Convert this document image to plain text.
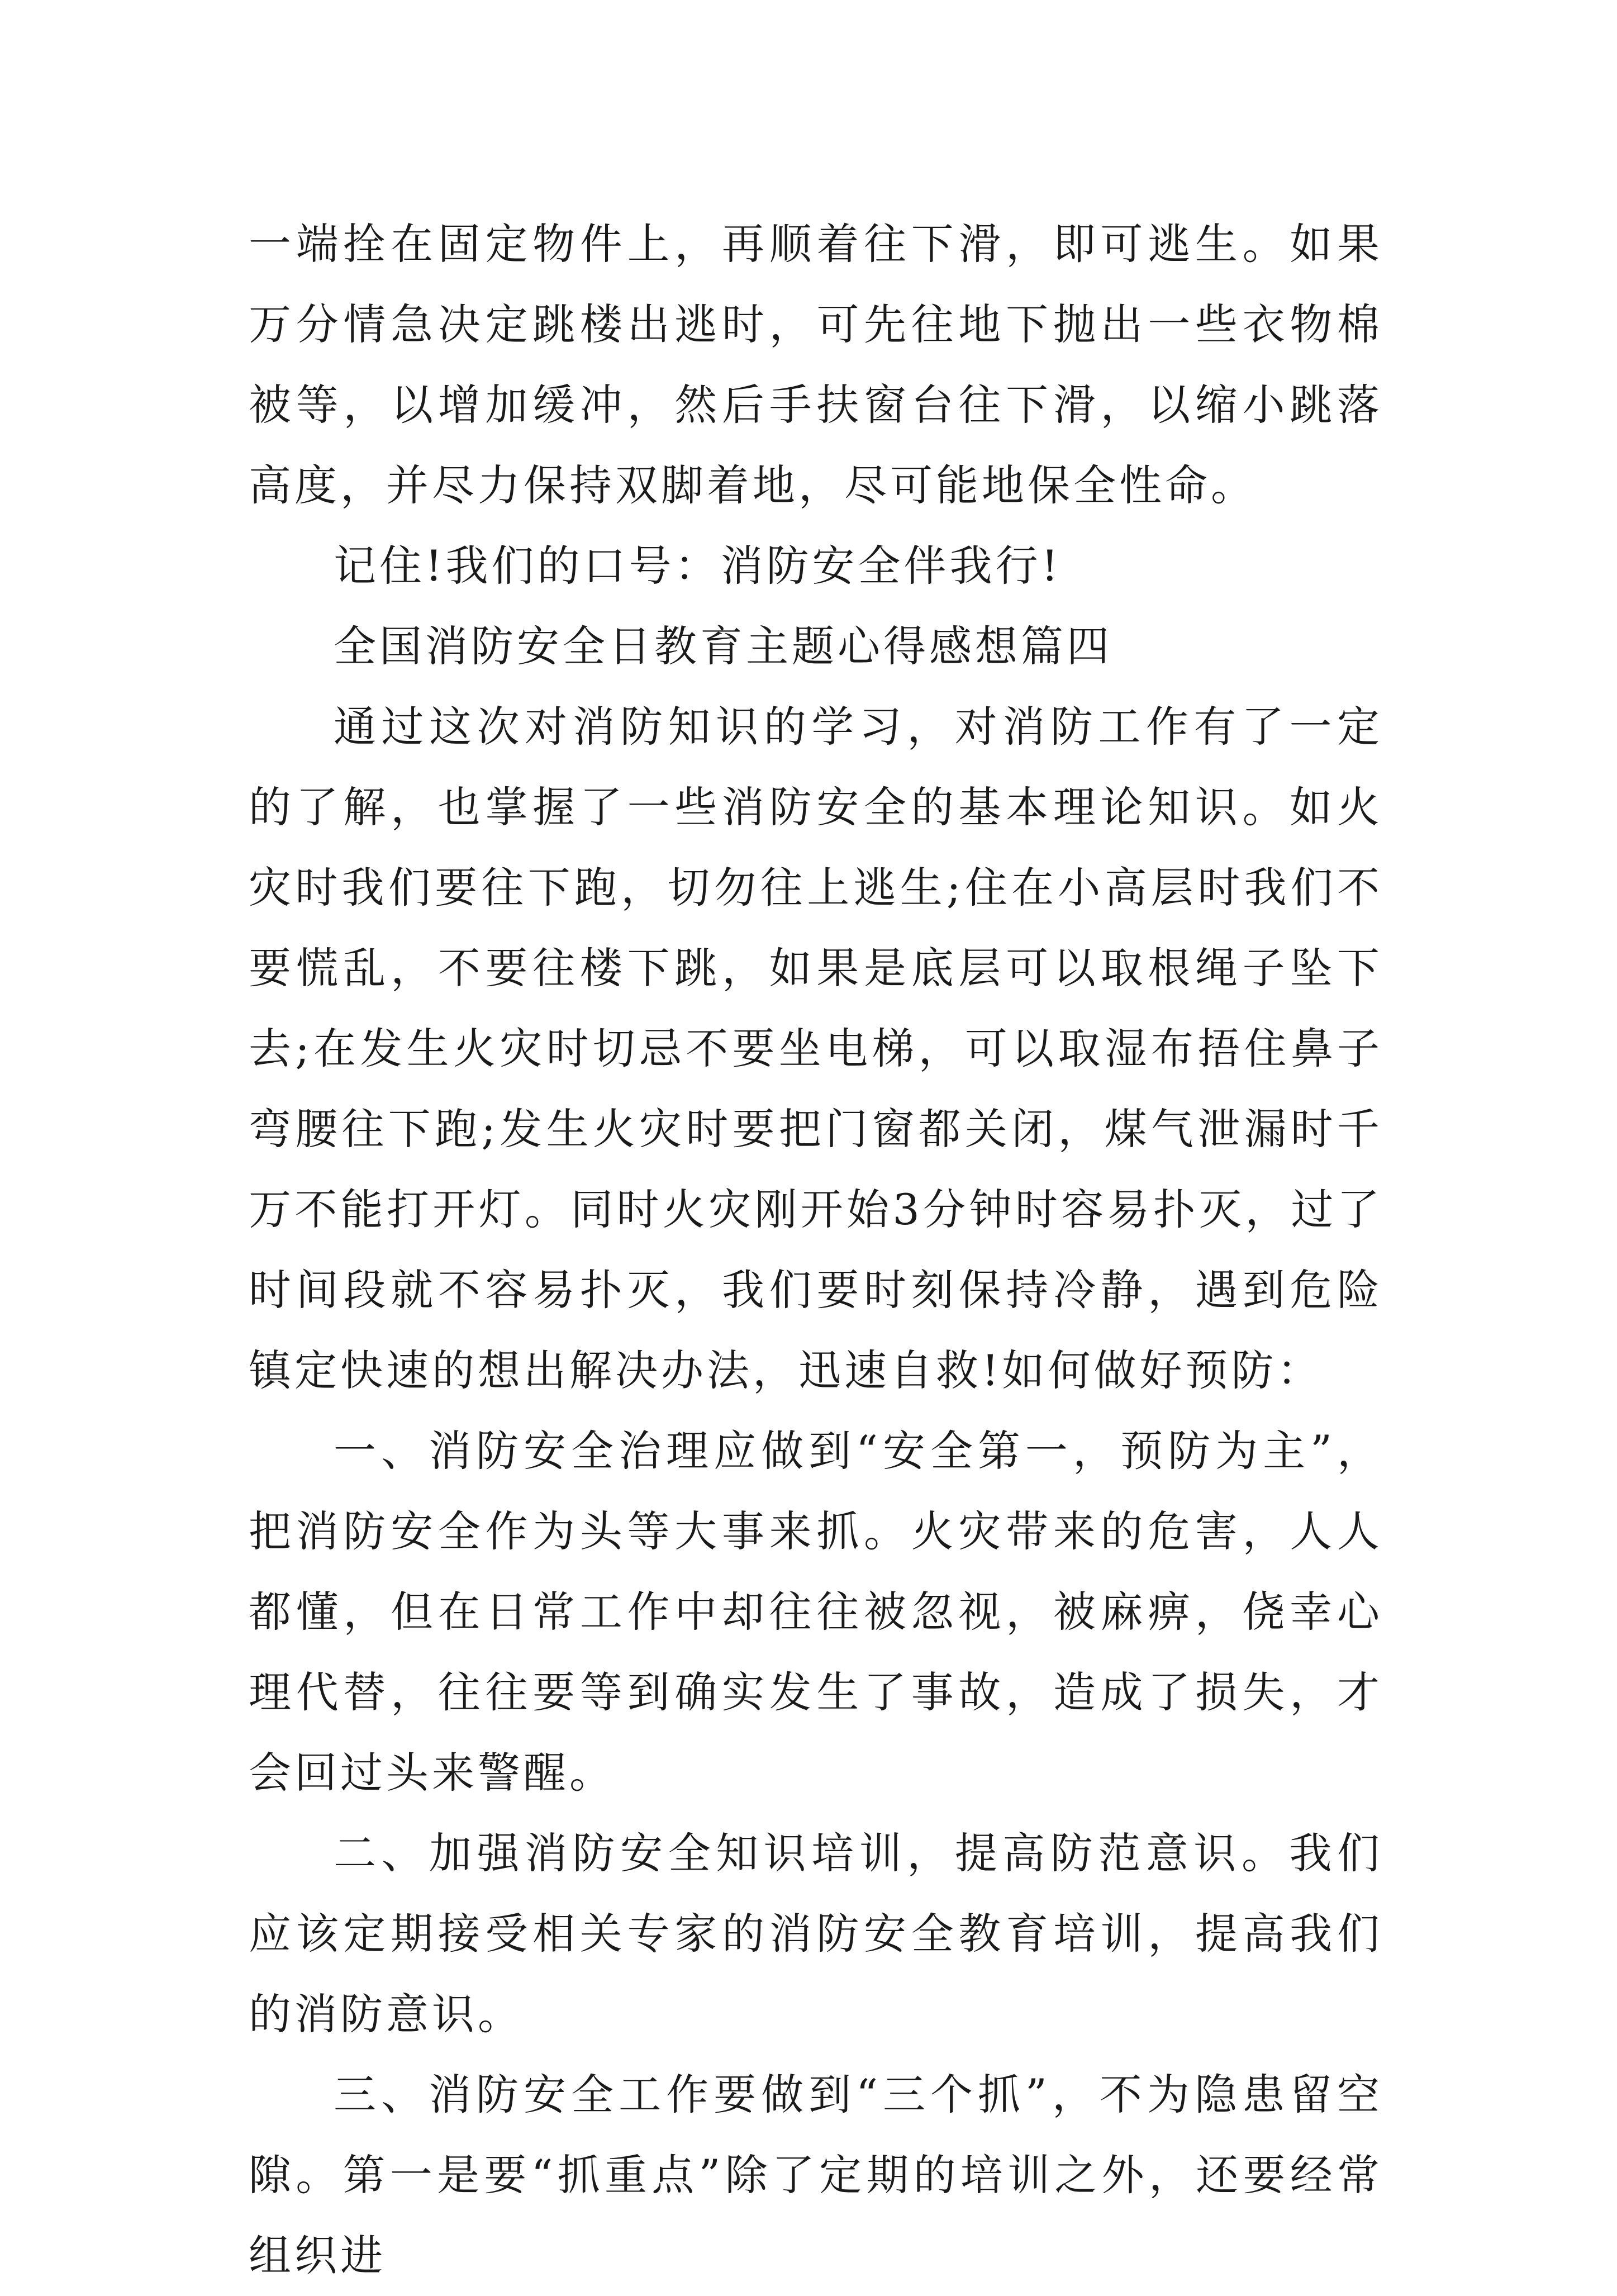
一端拴在固定物件上，再顺着往下滑，即可逃生。如果万分情急决定跳楼出逃时，可先往地下抛出一些衣物棉被等，以增加缓冲，然后手扶窗台往下滑，以缩小跳落高度，并尽力保持双脚着地，尽可能地保全性命。

记住!我们的口号：消防安全伴我行!

全国消防安全日教育主题心得感想篇四

通过这次对消防知识的学习，对消防工作有了一定的了解，也掌握了一些消防安全的基本理论知识。如火灾时我们要往下跑，切勿往上逃生;住在小高层时我们不要慌乱，不要往楼下跳，如果是底层可以取根绳子坠下去;在发生火灾时切忌不要坐电梯，可以取湿布捂住鼻子弯腰往下跑;发生火灾时要把门窗都关闭，煤气泄漏时千万不能打开灯。同时火灾刚开始3分钟时容易扑灭，过了时间段就不容易扑灭，我们要时刻保持冷静，遇到危险镇定快速的想出解决办法，迅速自救!如何做好预防：

一、消防安全治理应做到“安全第一，预防为主”，把消防安全作为头等大事来抓。火灾带来的危害，人人都懂，但在日常工作中却往往被忽视，被麻痹，侥幸心理代替，往往要等到确实发生了事故，造成了损失，才会回过头来警醒。

二、加强消防安全知识培训，提高防范意识。我们应该定期接受相关专家的消防安全教育培训，提高我们的消防意识。

三、消防安全工作要做到“三个抓”，不为隐患留空隙。第一是要“抓重点”除了定期的培训之外，还要经常组织进
